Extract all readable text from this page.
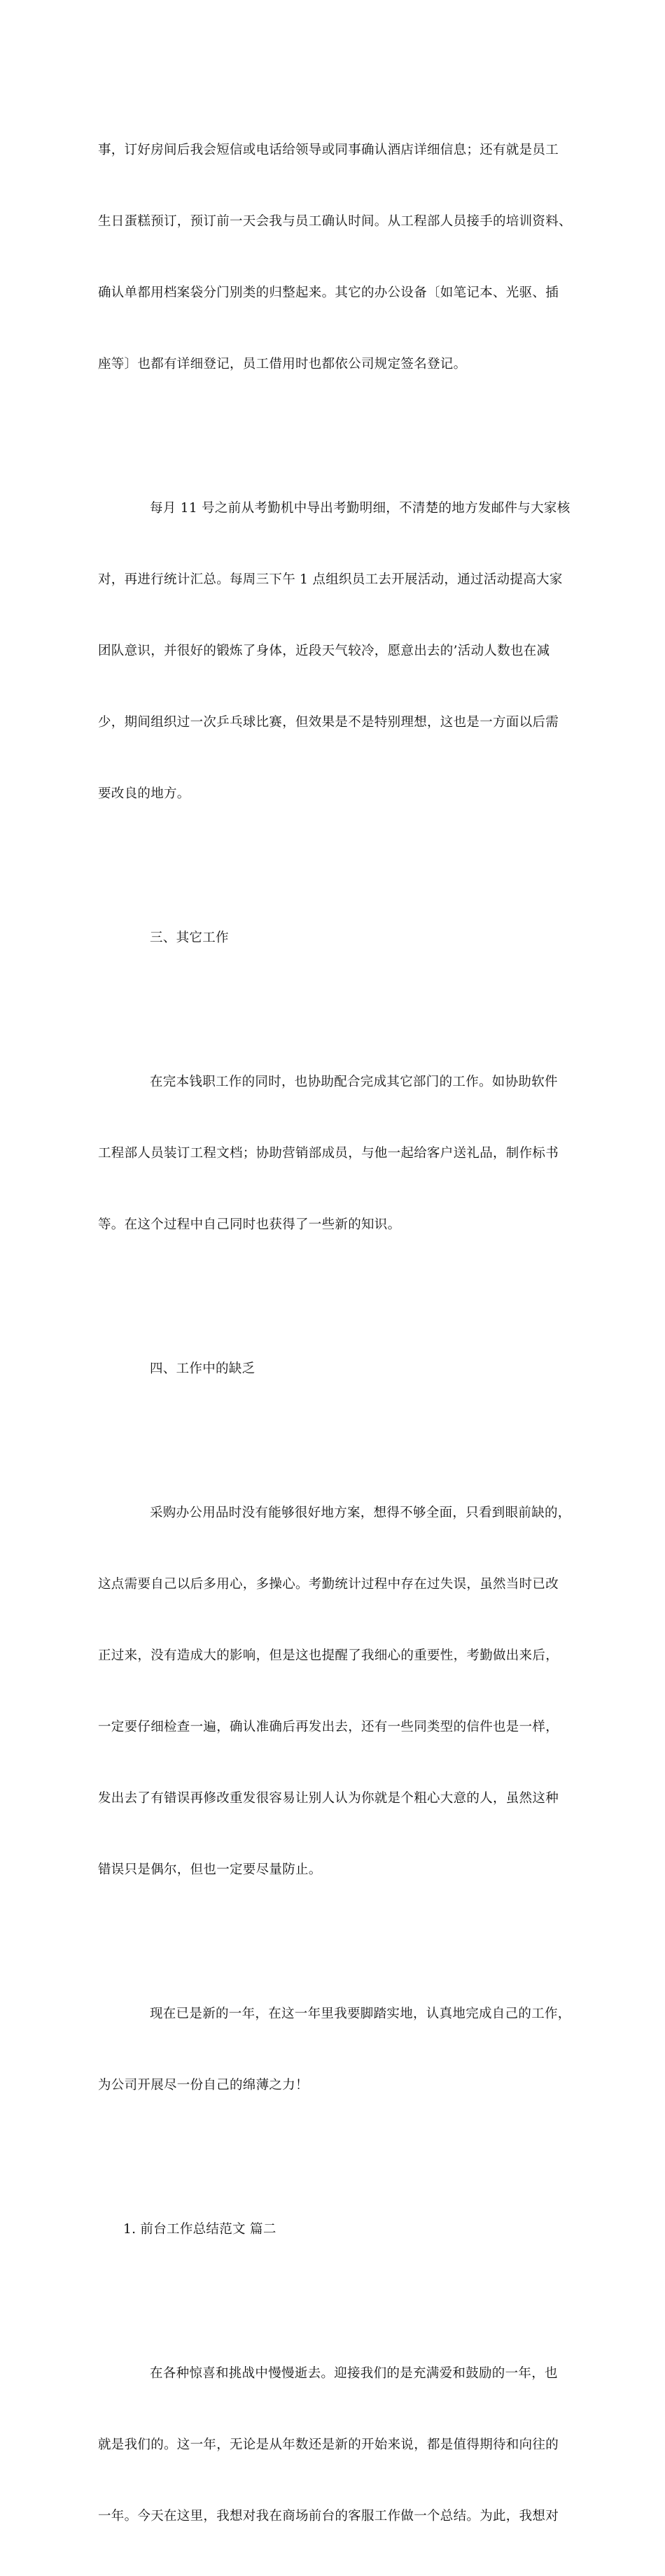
事，订好房间后我会短信或电话给领导或同事确认酒店详细信息；还有就是员工

生日蛋糕预订，预订前一天会我与员工确认时间。从工程部人员接手的培训资料、

确认单都用档案袋分门别类的归整起来。其它的办公设备〔如笔记本、光驱、插

座等〕也都有详细登记，员工借用时也都依公司规定签名登记。

每月 11 号之前从考勤机中导出考勤明细，不清楚的地方发邮件与大家核

对，再进行统计汇总。每周三下午 1 点组织员工去开展活动，通过活动提高大家

团队意识，并很好的锻炼了身体，近段天气较冷，愿意出去的’活动人数也在减

少，期间组织过一次乒乓球比赛，但效果是不是特别理想，这也是一方面以后需

要改良的地方。

三、其它工作

在完本钱职工作的同时，也协助配合完成其它部门的工作。如协助软件

工程部人员装订工程文档；协助营销部成员，与他一起给客户送礼品，制作标书

等。在这个过程中自己同时也获得了一些新的知识。

四、工作中的缺乏

采购办公用品时没有能够很好地方案，想得不够全面，只看到眼前缺的，

这点需要自己以后多用心，多操心。考勤统计过程中存在过失误，虽然当时已改

正过来，没有造成大的影响，但是这也提醒了我细心的重要性，考勤做出来后，

一定要仔细检查一遍，确认准确后再发出去，还有一些同类型的信件也是一样，

发出去了有错误再修改重发很容易让别人认为你就是个粗心大意的人，虽然这种

错误只是偶尔，但也一定要尽量防止。

现在已是新的一年，在这一年里我要脚踏实地，认真地完成自己的工作，

为公司开展尽一份自己的绵薄之力！

1. 前台工作总结范文 篇二

在各种惊喜和挑战中慢慢逝去。迎接我们的是充满爱和鼓励的一年，也

就是我们的。这一年，无论是从年数还是新的开始来说，都是值得期待和向往的

一年。今天在这里，我想对我在商场前台的客服工作做一个总结。为此，我想对
